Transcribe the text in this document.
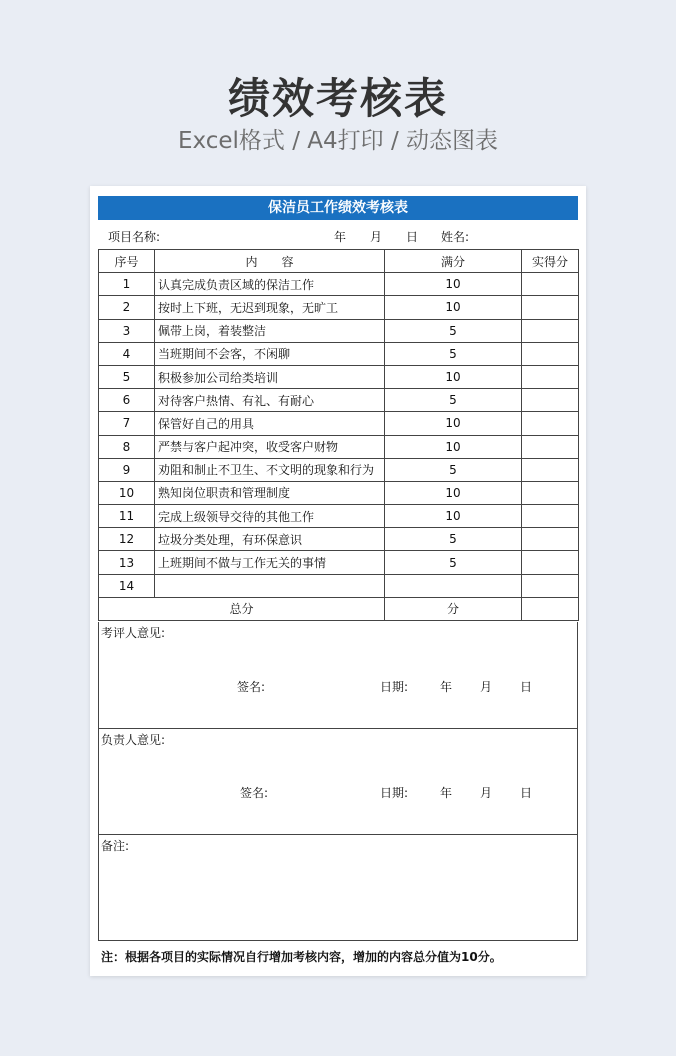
绩效考核表
Excel格式 / A4打印 / 动态图表
保洁员工作绩效考核表
项目名称:	年 月 日 姓名:
序号	内　　容	满分	实得分
1	认真完成负责区域的保洁工作	10	
2	按时上下班，无迟到现象，无旷工	10	
3	佩带上岗，着装整洁	5	
4	当班期间不会客，不闲聊	5	
5	积极参加公司给类培训	10	
6	对待客户热情、有礼、有耐心	5	
7	保管好自己的用具	10	
8	严禁与客户起冲突，收受客户财物	10	
9	劝阻和制止不卫生、不文明的现象和行为	5	
10	熟知岗位职责和管理制度	10	
11	完成上级领导交待的其他工作	10	
12	垃圾分类处理，有环保意识	5	
13	上班期间不做与工作无关的事情	5	
14			
总分		分	
考评人意见:
签名:	日期:	年 月 日
负责人意见:
签名:	日期:	年 月 日
备注:
注：根据各项目的实际情况自行增加考核内容，增加的内容总分值为10分。
